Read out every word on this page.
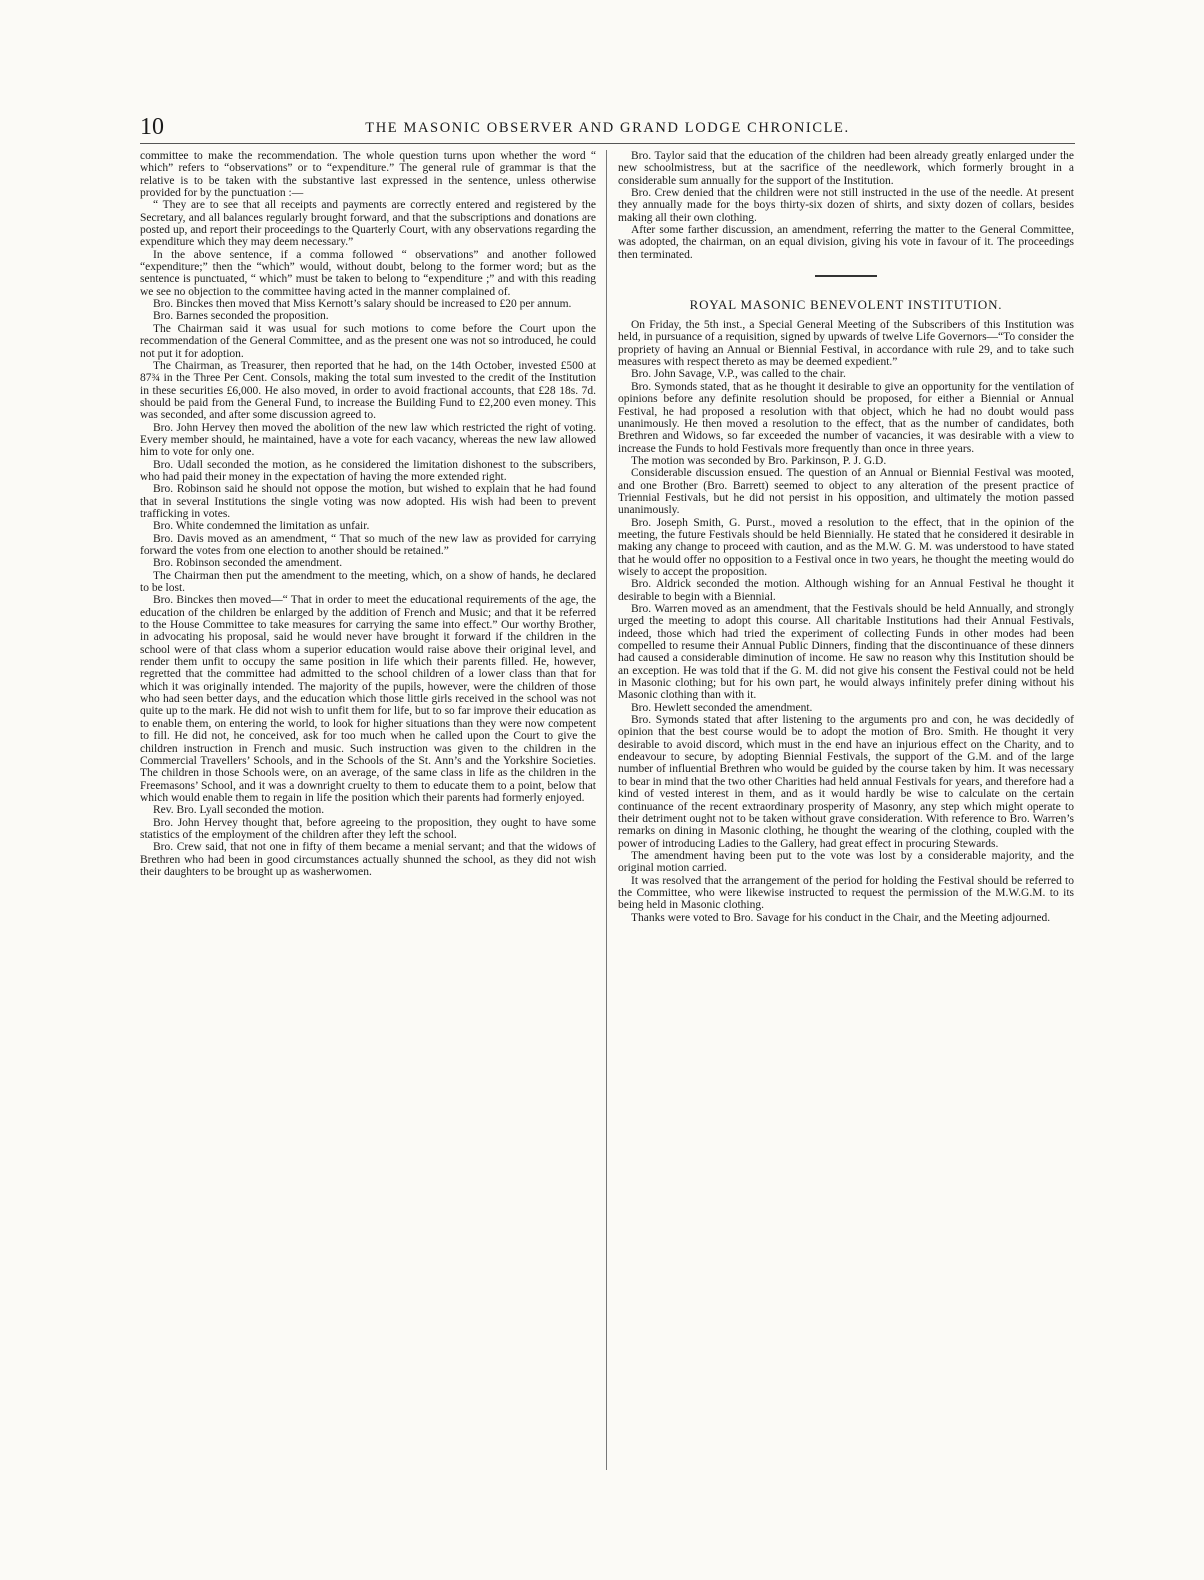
10	THE MASONIC OBSERVER AND GRAND LODGE CHRONICLE.

committee to make the recommendation. The whole question turns upon whether the word “ which” refers to “observations” or to “expenditure.” The general rule of grammar is that the relative is to be taken with the substantive last expressed in the sentence, unless otherwise provided for by the punctuation :—

“ They are to see that all receipts and payments are correctly entered and registered by the Secretary, and all balances regularly brought forward, and that the subscriptions and donations are posted up, and report their proceedings to the Quarterly Court, with any observations regarding the expenditure which they may deem necessary.”

In the above sentence, if a comma followed “ observations” and another followed “expenditure;” then the “which” would, without doubt, belong to the former word; but as the sentence is punctuated, “ which” must be taken to belong to “expenditure ;” and with this reading we see no objection to the committee having acted in the manner complained of.

Bro. Binckes then moved that Miss Kernott’s salary should be increased to £20 per annum.

Bro. Barnes seconded the proposition.

The Chairman said it was usual for such motions to come before the Court upon the recommendation of the General Committee, and as the present one was not so introduced, he could not put it for adoption.

The Chairman, as Treasurer, then reported that he had, on the 14th October, invested £500 at 87¾ in the Three Per Cent. Consols, making the total sum invested to the credit of the Institution in these securities £6,000. He also moved, in order to avoid fractional accounts, that £28 18s. 7d. should be paid from the General Fund, to increase the Building Fund to £2,200 even money. This was seconded, and after some discussion agreed to.

Bro. John Hervey then moved the abolition of the new law which restricted the right of voting. Every member should, he maintained, have a vote for each vacancy, whereas the new law allowed him to vote for only one.

Bro. Udall seconded the motion, as he considered the limitation dishonest to the subscribers, who had paid their money in the expectation of having the more extended right.

Bro. Robinson said he should not oppose the motion, but wished to explain that he had found that in several Institutions the single voting was now adopted. His wish had been to prevent trafficking in votes.

Bro. White condemned the limitation as unfair.

Bro. Davis moved as an amendment, “ That so much of the new law as provided for carrying forward the votes from one election to another should be retained.”

Bro. Robinson seconded the amendment.

The Chairman then put the amendment to the meeting, which, on a show of hands, he declared to be lost.

Bro. Binckes then moved—“ That in order to meet the educational requirements of the age, the education of the children be enlarged by the addition of French and Music; and that it be referred to the House Committee to take measures for carrying the same into effect.” Our worthy Brother, in advocating his proposal, said he would never have brought it forward if the children in the school were of that class whom a superior education would raise above their original level, and render them unfit to occupy the same position in life which their parents filled. He, however, regretted that the committee had admitted to the school children of a lower class than that for which it was originally intended. The majority of the pupils, however, were the children of those who had seen better days, and the education which those little girls received in the school was not quite up to the mark. He did not wish to unfit them for life, but to so far improve their education as to enable them, on entering the world, to look for higher situations than they were now competent to fill. He did not, he conceived, ask for too much when he called upon the Court to give the children instruction in French and music. Such instruction was given to the children in the Commercial Travellers’ Schools, and in the Schools of the St. Ann’s and the Yorkshire Societies. The children in those Schools were, on an average, of the same class in life as the children in the Freemasons’ School, and it was a downright cruelty to them to educate them to a point, below that which would enable them to regain in life the position which their parents had formerly enjoyed.

Rev. Bro. Lyall seconded the motion.

Bro. John Hervey thought that, before agreeing to the proposition, they ought to have some statistics of the employment of the children after they left the school.

Bro. Crew said, that not one in fifty of them became a menial servant; and that the widows of Brethren who had been in good circumstances actually shunned the school, as they did not wish their daughters to be brought up as washerwomen.

Bro. Taylor said that the education of the children had been already greatly enlarged under the new schoolmistress, but at the sacrifice of the needlework, which formerly brought in a considerable sum annually for the support of the Institution.

Bro. Crew denied that the children were not still instructed in the use of the needle. At present they annually made for the boys thirty-six dozen of shirts, and sixty dozen of collars, besides making all their own clothing.

After some farther discussion, an amendment, referring the matter to the General Committee, was adopted, the chairman, on an equal division, giving his vote in favour of it. The proceedings then terminated.

ROYAL MASONIC BENEVOLENT INSTITUTION.

On Friday, the 5th inst., a Special General Meeting of the Subscribers of this Institution was held, in pursuance of a requisition, signed by upwards of twelve Life Governors—“To consider the propriety of having an Annual or Biennial Festival, in accordance with rule 29, and to take such measures with respect thereto as may be deemed expedient.”

Bro. John Savage, V.P., was called to the chair.

Bro. Symonds stated, that as he thought it desirable to give an opportunity for the ventilation of opinions before any definite resolution should be proposed, for either a Biennial or Annual Festival, he had proposed a resolution with that object, which he had no doubt would pass unanimously. He then moved a resolution to the effect, that as the number of candidates, both Brethren and Widows, so far exceeded the number of vacancies, it was desirable with a view to increase the Funds to hold Festivals more frequently than once in three years.

The motion was seconded by Bro. Parkinson, P. J. G.D.

Considerable discussion ensued. The question of an Annual or Biennial Festival was mooted, and one Brother (Bro. Barrett) seemed to object to any alteration of the present practice of Triennial Festivals, but he did not persist in his opposition, and ultimately the motion passed unanimously.

Bro. Joseph Smith, G. Purst., moved a resolution to the effect, that in the opinion of the meeting, the future Festivals should be held Biennially. He stated that he considered it desirable in making any change to proceed with caution, and as the M.W. G. M. was understood to have stated that he would offer no opposition to a Festival once in two years, he thought the meeting would do wisely to accept the proposition.

Bro. Aldrick seconded the motion. Although wishing for an Annual Festival he thought it desirable to begin with a Biennial.

Bro. Warren moved as an amendment, that the Festivals should be held Annually, and strongly urged the meeting to adopt this course. All charitable Institutions had their Annual Festivals, indeed, those which had tried the experiment of collecting Funds in other modes had been compelled to resume their Annual Public Dinners, finding that the discontinuance of these dinners had caused a considerable diminution of income. He saw no reason why this Institution should be an exception. He was told that if the G. M. did not give his consent the Festival could not be held in Masonic clothing; but for his own part, he would always infinitely prefer dining without his Masonic clothing than with it.

Bro. Hewlett seconded the amendment.

Bro. Symonds stated that after listening to the arguments pro and con, he was decidedly of opinion that the best course would be to adopt the motion of Bro. Smith. He thought it very desirable to avoid discord, which must in the end have an injurious effect on the Charity, and to endeavour to secure, by adopting Biennial Festivals, the support of the G.M. and of the large number of influential Brethren who would be guided by the course taken by him. It was necessary to bear in mind that the two other Charities had held annual Festivals for years, and therefore had a kind of vested interest in them, and as it would hardly be wise to calculate on the certain continuance of the recent extraordinary prosperity of Masonry, any step which might operate to their detriment ought not to be taken without grave consideration. With reference to Bro. Warren’s remarks on dining in Masonic clothing, he thought the wearing of the clothing, coupled with the power of introducing Ladies to the Gallery, had great effect in procuring Stewards.

The amendment having been put to the vote was lost by a considerable majority, and the original motion carried.

It was resolved that the arrangement of the period for holding the Festival should be referred to the Committee, who were likewise instructed to request the permission of the M.W.G.M. to its being held in Masonic clothing.

Thanks were voted to Bro. Savage for his conduct in the Chair, and the Meeting adjourned.
